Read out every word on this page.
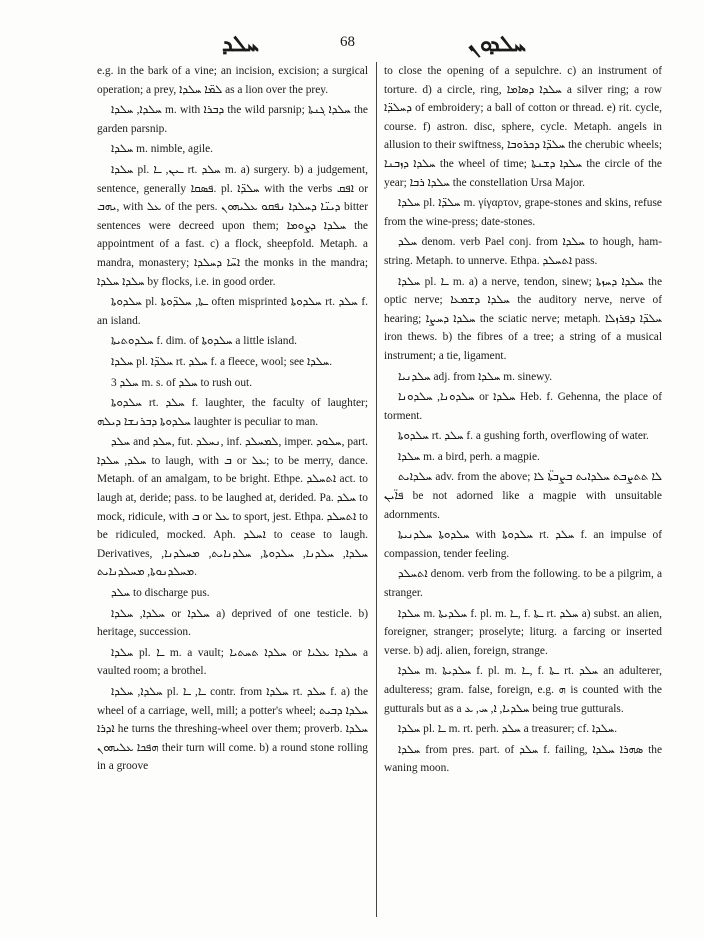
ܚܠܕ	68	ܚܠܕܘܢ
e.g. in the bark of a vine; an incision, excision; a surgical operation; a prey, ܠܡ̈ܐ ܚܠܕܐ as a lion over the prey.
ܚܠܕܐ, ܚܠܕܐ m. with ܕܒܪܐ the wild parsnip; ܚܠܕܐ ܓܢܬܐ the garden parsnip.
ܚܠܕܐ m. nimble, agile.
ܚܠܕܐ pl. ـܝܢ, ـܐ rt. ܚܠܕ m. a) surgery. b) a judgement, sentence, generally ܦܣܩܐ. pl. ܚܠܕ̈ܐ with the verbs ܐܦܩ or ܝܗܒ, with ܥܠ of the pers. ܕܝܢ̈ܐ ܕܚܠܕܐ ܢܦܩܘ ܥܠܝܗܘܢ bitter sentences were decreed upon them; ܚܠܕܐ ܕܨܘܡܐ the appointment of a fast. c) a flock, sheepfold. Metaph. a mandra, monastery; ܐܚ̈ܐ ܕܚܠܕܐ the monks in the mandra; ܚܠܕܐ ܚܠܕܐ by flocks, i.e. in good order.
ܚܠܕܘܬܐ pl. ـܬܐ, ܚܠܕ̈ܘܬܐ often misprinted ܚܠܕܘܬܐ rt. ܚܠܕ f. an island.
ܚܠܕܘܬܝܬܐ f. dim. of ܚܠܕܘܬܐ a little island.
ܚܠܕܐ pl. ܚܠܕ̈ܐ rt. ܚܠܕ f. a fleece, wool; see ܚܠܕܐ.
ܚܠܕ 3 m. s. of ܚܠܕ to rush out.
ܚܠܕܘܬܐ rt. ܚܠܕ f. laughter, the faculty of laughter; ܚܠܕܘܬܐ ܕܒܪܢܫܐ ܕܝܠܗ laughter is peculiar to man.
ܚܠܕ and ܚܠܕ, fut. ܢܚܠܕ, inf. ܠܡܚܠܕ, imper. ܚܠܘܕ, part. ܚܠܕ, ܚܠܕܐ to laugh, with ܒ or ܥܠ; to be merry, dance. Metaph. of an amalgam, to be bright. Ethpe. ܐܬܚܠܕ act. to laugh at, deride; pass. to be laughed at, derided. Pa. ܚܠܕ to mock, ridicule, with ܒ or ܥܠ to sport, jest. Ethpa. ܐܬܚܠܕ to be ridiculed, mocked. Aph. ܐܚܠܕ to cease to laugh. Derivatives, ܚܠܕܐ, ܚܠܕܢܐ, ܚܠܕܘܬܐ, ܚܠܕܢܐܝܬ, ܡܚܠܕܢܐ, ܡܚܠܕܢܘܬܐ, ܡܚܠܕܢܐܝܬ.
ܚܠܕ to discharge pus.
ܚܠܕܐ, ܚܠܕܐ or ܚܠܕܐ a) deprived of one testicle. b) heritage, succession.
ܚܠܕܐ pl. ـܐ m. a vault; ܚܠܕܐ ܬܚܬܝܐ or ܚܠܕܐ ܥܠܝܐ a vaulted room; a brothel.
ܚܠܕܐ, ܚܠܕܐ pl. ـܐ, ـܐ contr. from ܚܠܕܐ rt. ܚܠܕ f. a) the wheel of a carriage, well, mill; a potter's wheel; ܚܠܕܐ ܕܒܝܬ ܐܕܪܐ he turns the threshing-wheel over them; proverb. ܚܠܕܐ ܗܦܟܐ ܥܠܝܗܘܢ their turn will come. b) a round stone rolling in a groove
to close the opening of a sepulchre. c) an instrument of torture. d) a circle, ring, ܚܠܕܐ ܕܣܐܡܐ a silver ring; a row ܕܚܠܕ̈ܐ of embroidery; a ball of cotton or thread. e) rit. cycle, course. f) astron. disc, sphere, cycle. Metaph. angels in allusion to their swiftness, ܚܠܕ̈ܐ ܕܟܪܘܒܐ the cherubic wheels; ܚܠܕܐ ܕܙܒܢܐ the wheel of time; ܚܠܕܐ ܕܫܢܬܐ the circle of the year; ܚܠܕܐ ܪܒܐ the constellation Ursa Major.
ܚܠܕܐ pl. ܚܠܕ̈ܐ m. γίγαρτον, grape-stones and skins, refuse from the wine-press; date-stones.
ܚܠܕ denom. verb Pael conj. from ܚܠܕܐ to hough, ham-string. Metaph. to unnerve. Ethpa. ܐܬܚܠܕ pass.
ܚܠܕܐ pl. ـܐ m. a) a nerve, tendon, sinew; ܚܠܕܐ ܕܚܙܬܐ the optic nerve; ܚܠܕܐ ܕܫܡܥܐ the auditory nerve, nerve of hearing; ܚܠܕܐ ܕܚܨܐ the sciatic nerve; metaph. ܚܠܕ̈ܐ ܕܦܪܙܠܐ iron thews. b) the fibres of a tree; a string of a musical instrument; a tie, ligament.
ܚܠܕܢܝܐ adj. from ܚܠܕܐ m. sinewy.
ܚܠܕܘܢܐ, ܚܠܕܘܢܐ or ܚܠܕܐ Heb. f. Gehenna, the place of torment.
ܚܠܕܘܬܐ rt. ܚܠܕ f. a gushing forth, overflowing of water.
ܚܠܕܐ m. a bird, perh. a magpie.
ܚܠܕܐܝܬ adv. from the above; ܠܐ ܬܬܨܒܬ ܚܠܕܐܝܬ ܒܨܒܬ̈ܐ ܠܐ ܦܐ̈ܝܢ be not adorned like a magpie with unsuitable adornments.
ܚܠܕܘܬܐ ܚܠܕܢܝܬܐ with ܚܠܕܘܬܐ rt. ܚܠܕ f. an impulse of compassion, tender feeling.
ܐܬܚܠܕ denom. verb from the following. to be a pilgrim, a stranger.
ܚܠܕܐ m. ܚܠܕܝܬܐ f. pl. m. ـܐ, f. ـܬܐ rt. ܚܠܕ a) subst. an alien, foreigner, stranger; proselyte; liturg. a farcing or inserted verse. b) adj. alien, foreign, strange.
ܚܠܕܐ m. ܚܠܕܝܬܐ f. pl. m. ـܐ, f. ـܬܐ rt. ܚܠܕ an adulterer, adulteress; gram. false, foreign, e.g. ܗ is counted with the gutturals but as a ܚܠܕܝܐ, ܐ, ܚ, ܥ being true gutturals.
ܚܠܕܐ pl. ـܐ m. rt. perh. ܚܠܕ a treasurer; cf. ܚܠܕܐ.
ܚܠܕܐ from pres. part. of ܚܠܕ f. failing, ܣܗܪܐ ܚܠܕܐ the waning moon.
